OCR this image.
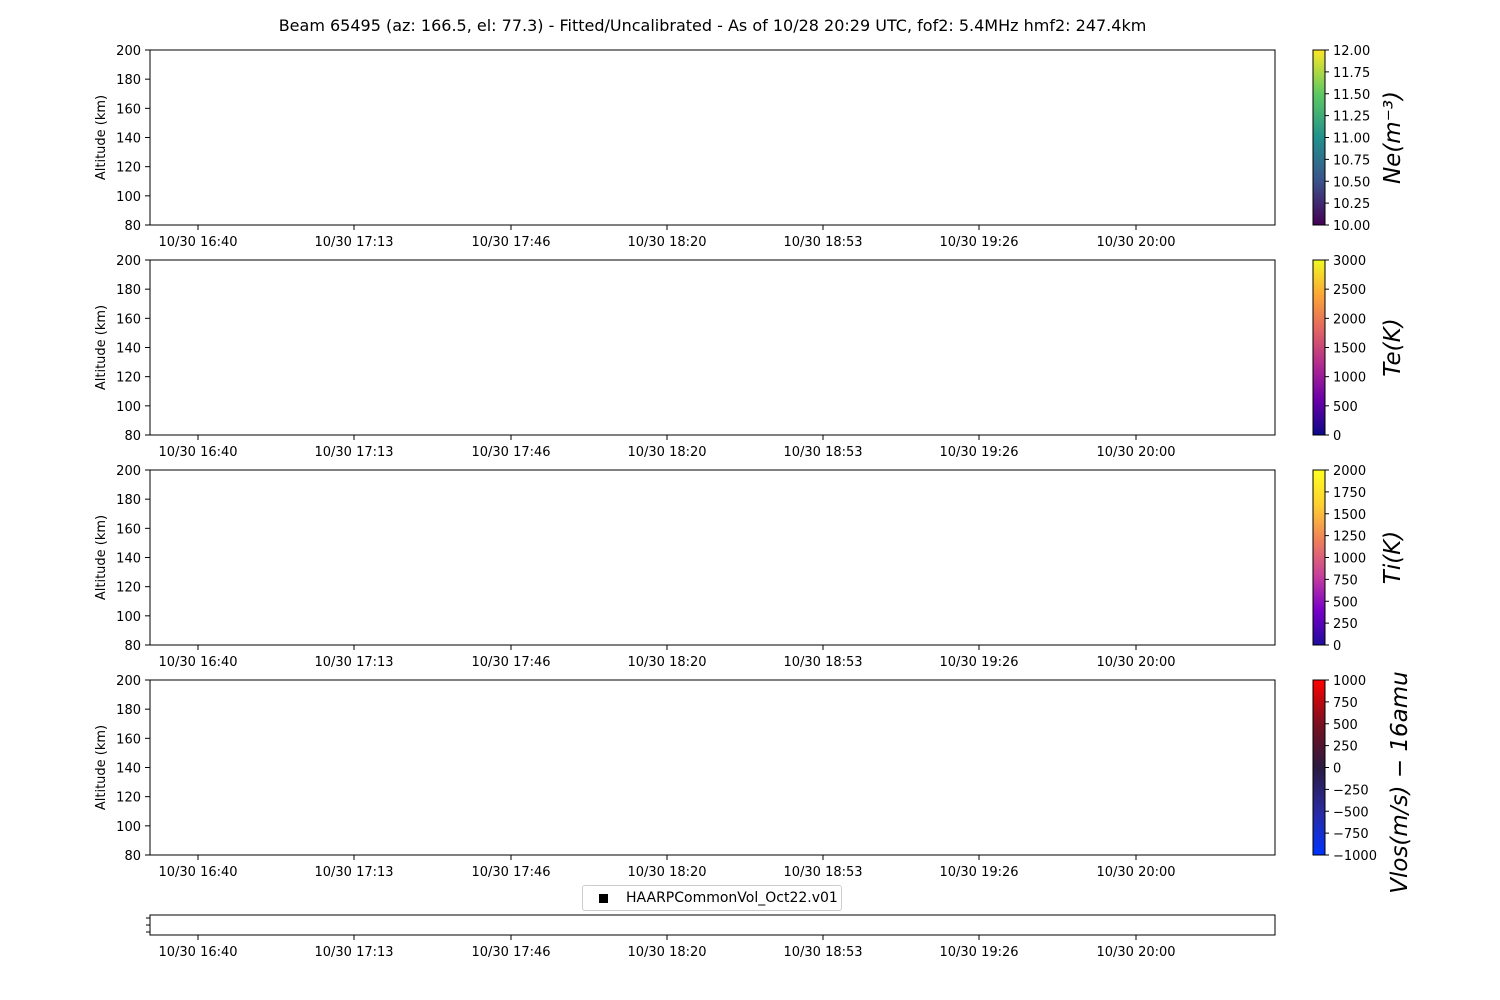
Beam 65495 (az: 166.5, el: 77.3) - Fitted/Uncalibrated - As of 10/28 20:29 UTC, fof2: 5.4MHz hmf2: 247.4km
80
100
120
140
160
180
200
Altitude (km)
10/30 16:40	10/30 17:13	10/30 17:46	10/30 18:20	10/30 18:53	10/30 19:26	10/30 20:00
10.00
10.25
10.50
10.75
11.00
11.25
11.50
11.75
12.00
Ne(m⁻³)
80
100
120
140
160
180
200
Altitude (km)
10/30 16:40	10/30 17:13	10/30 17:46	10/30 18:20	10/30 18:53	10/30 19:26	10/30 20:00
0
500
1000
1500
2000
2500
3000
Te(K)
80
100
120
140
160
180
200
Altitude (km)
10/30 16:40	10/30 17:13	10/30 17:46	10/30 18:20	10/30 18:53	10/30 19:26	10/30 20:00
0
250
500
750
1000
1250
1500
1750
2000
Ti(K)
80
100
120
140
160
180
200
Altitude (km)
10/30 16:40	10/30 17:13	10/30 17:46	10/30 18:20	10/30 18:53	10/30 19:26	10/30 20:00
−1000
−750
−500
−250
0
250
500
750
1000 Vlos(m/s) − 16amu
10/30 16:40	10/30 17:13	10/30 17:46	10/30 18:20	10/30 18:53	10/30 19:26	10/30 20:00
HAARPCommonVol_Oct22.v01
